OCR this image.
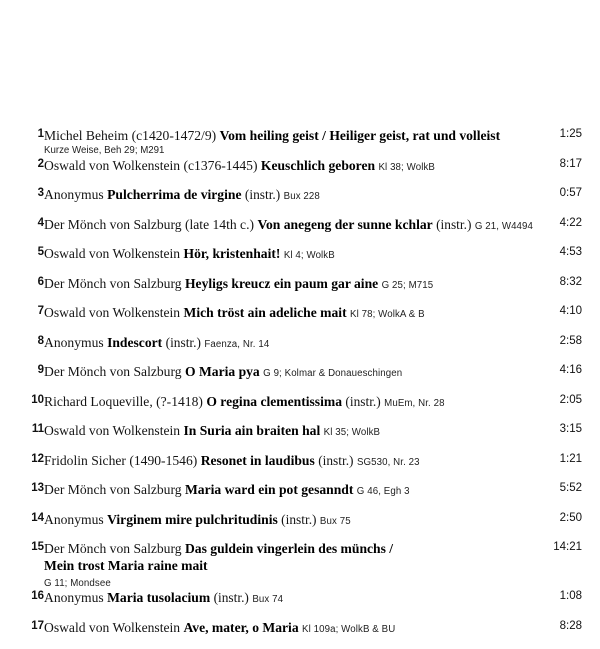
1	Michel Beheim (c1420-1472/9) Vom heiling geist / Heiliger geist, rat und volleist
Kurze Weise, Beh 29; M291	1:25
2	Oswald von Wolkenstein (c1376-1445) Keuschlich geboren Kl 38; WolkB	8:17
3	Anonymus Pulcherrima de virgine (instr.) Bux 228	0:57
4	Der Mönch von Salzburg (late 14th c.) Von anegeng der sunne kchlar (instr.) G 21, W4494	4:22
5	Oswald von Wolkenstein Hör, kristenhait! Kl 4; WolkB	4:53
6	Der Mönch von Salzburg Heyligs kreucz ein paum gar aine G 25; M715	8:32
7	Oswald von Wolkenstein Mich tröst ain adeliche mait Kl 78; WolkA & B	4:10
8	Anonymus Indescort (instr.) Faenza, Nr. 14	2:58
9	Der Mönch von Salzburg O Maria pya G 9; Kolmar & Donaueschingen	4:16
10	Richard Loqueville, (?-1418) O regina clementissima (instr.) MuEm, Nr. 28	2:05
11	Oswald von Wolkenstein In Suria ain braiten hal Kl 35; WolkB	3:15
12	Fridolin Sicher (1490-1546) Resonet in laudibus (instr.) SG530, Nr. 23	1:21
13	Der Mönch von Salzburg Maria ward ein pot gesanndt G 46, Egh 3	5:52
14	Anonymus Virginem mire pulchritudinis (instr.) Bux 75	2:50
15	Der Mönch von Salzburg Das guldein vingerlein des münchs /
Mein trost Maria raine mait
G 11; Mondsee	14:21
16	Anonymus Maria tusolacium (instr.) Bux 74	1:08
17	Oswald von Wolkenstein Ave, mater, o Maria Kl 109a; WolkB & BU	8:28
